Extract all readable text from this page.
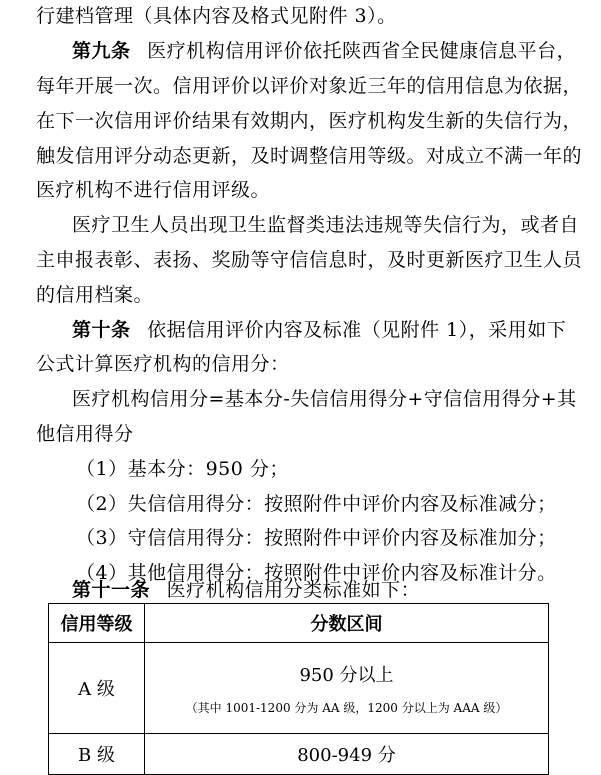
行建档管理（具体内容及格式见附件 3）。
第九条 医疗机构信用评价依托陕西省全民健康信息平台，
每年开展一次。信用评价以评价对象近三年的信用信息为依据，
在下一次信用评价结果有效期内，医疗机构发生新的失信行为，
触发信用评分动态更新，及时调整信用等级。对成立不满一年的
医疗机构不进行信用评级。
医疗卫生人员出现卫生监督类违法违规等失信行为，或者自
主申报表彰、表扬、奖励等守信信息时，及时更新医疗卫生人员
的信用档案。
第十条 依据信用评价内容及标准（见附件 1），采用如下
公式计算医疗机构的信用分：
医疗机构信用分=基本分-失信信用得分+守信信用得分+其
他信用得分
（1）基本分：950 分；
（2）失信信用得分：按照附件中评价内容及标准减分；
（3）守信信用得分：按照附件中评价内容及标准加分；
（4）其他信用得分：按照附件中评价内容及标准计分。
第十一条 医疗机构信用分类标准如下：
信用等级	分数区间
A 级	950 分以上
（其中 1001-1200 分为 AA 级，1200 分以上为 AAA 级）

B 级	800-949 分
